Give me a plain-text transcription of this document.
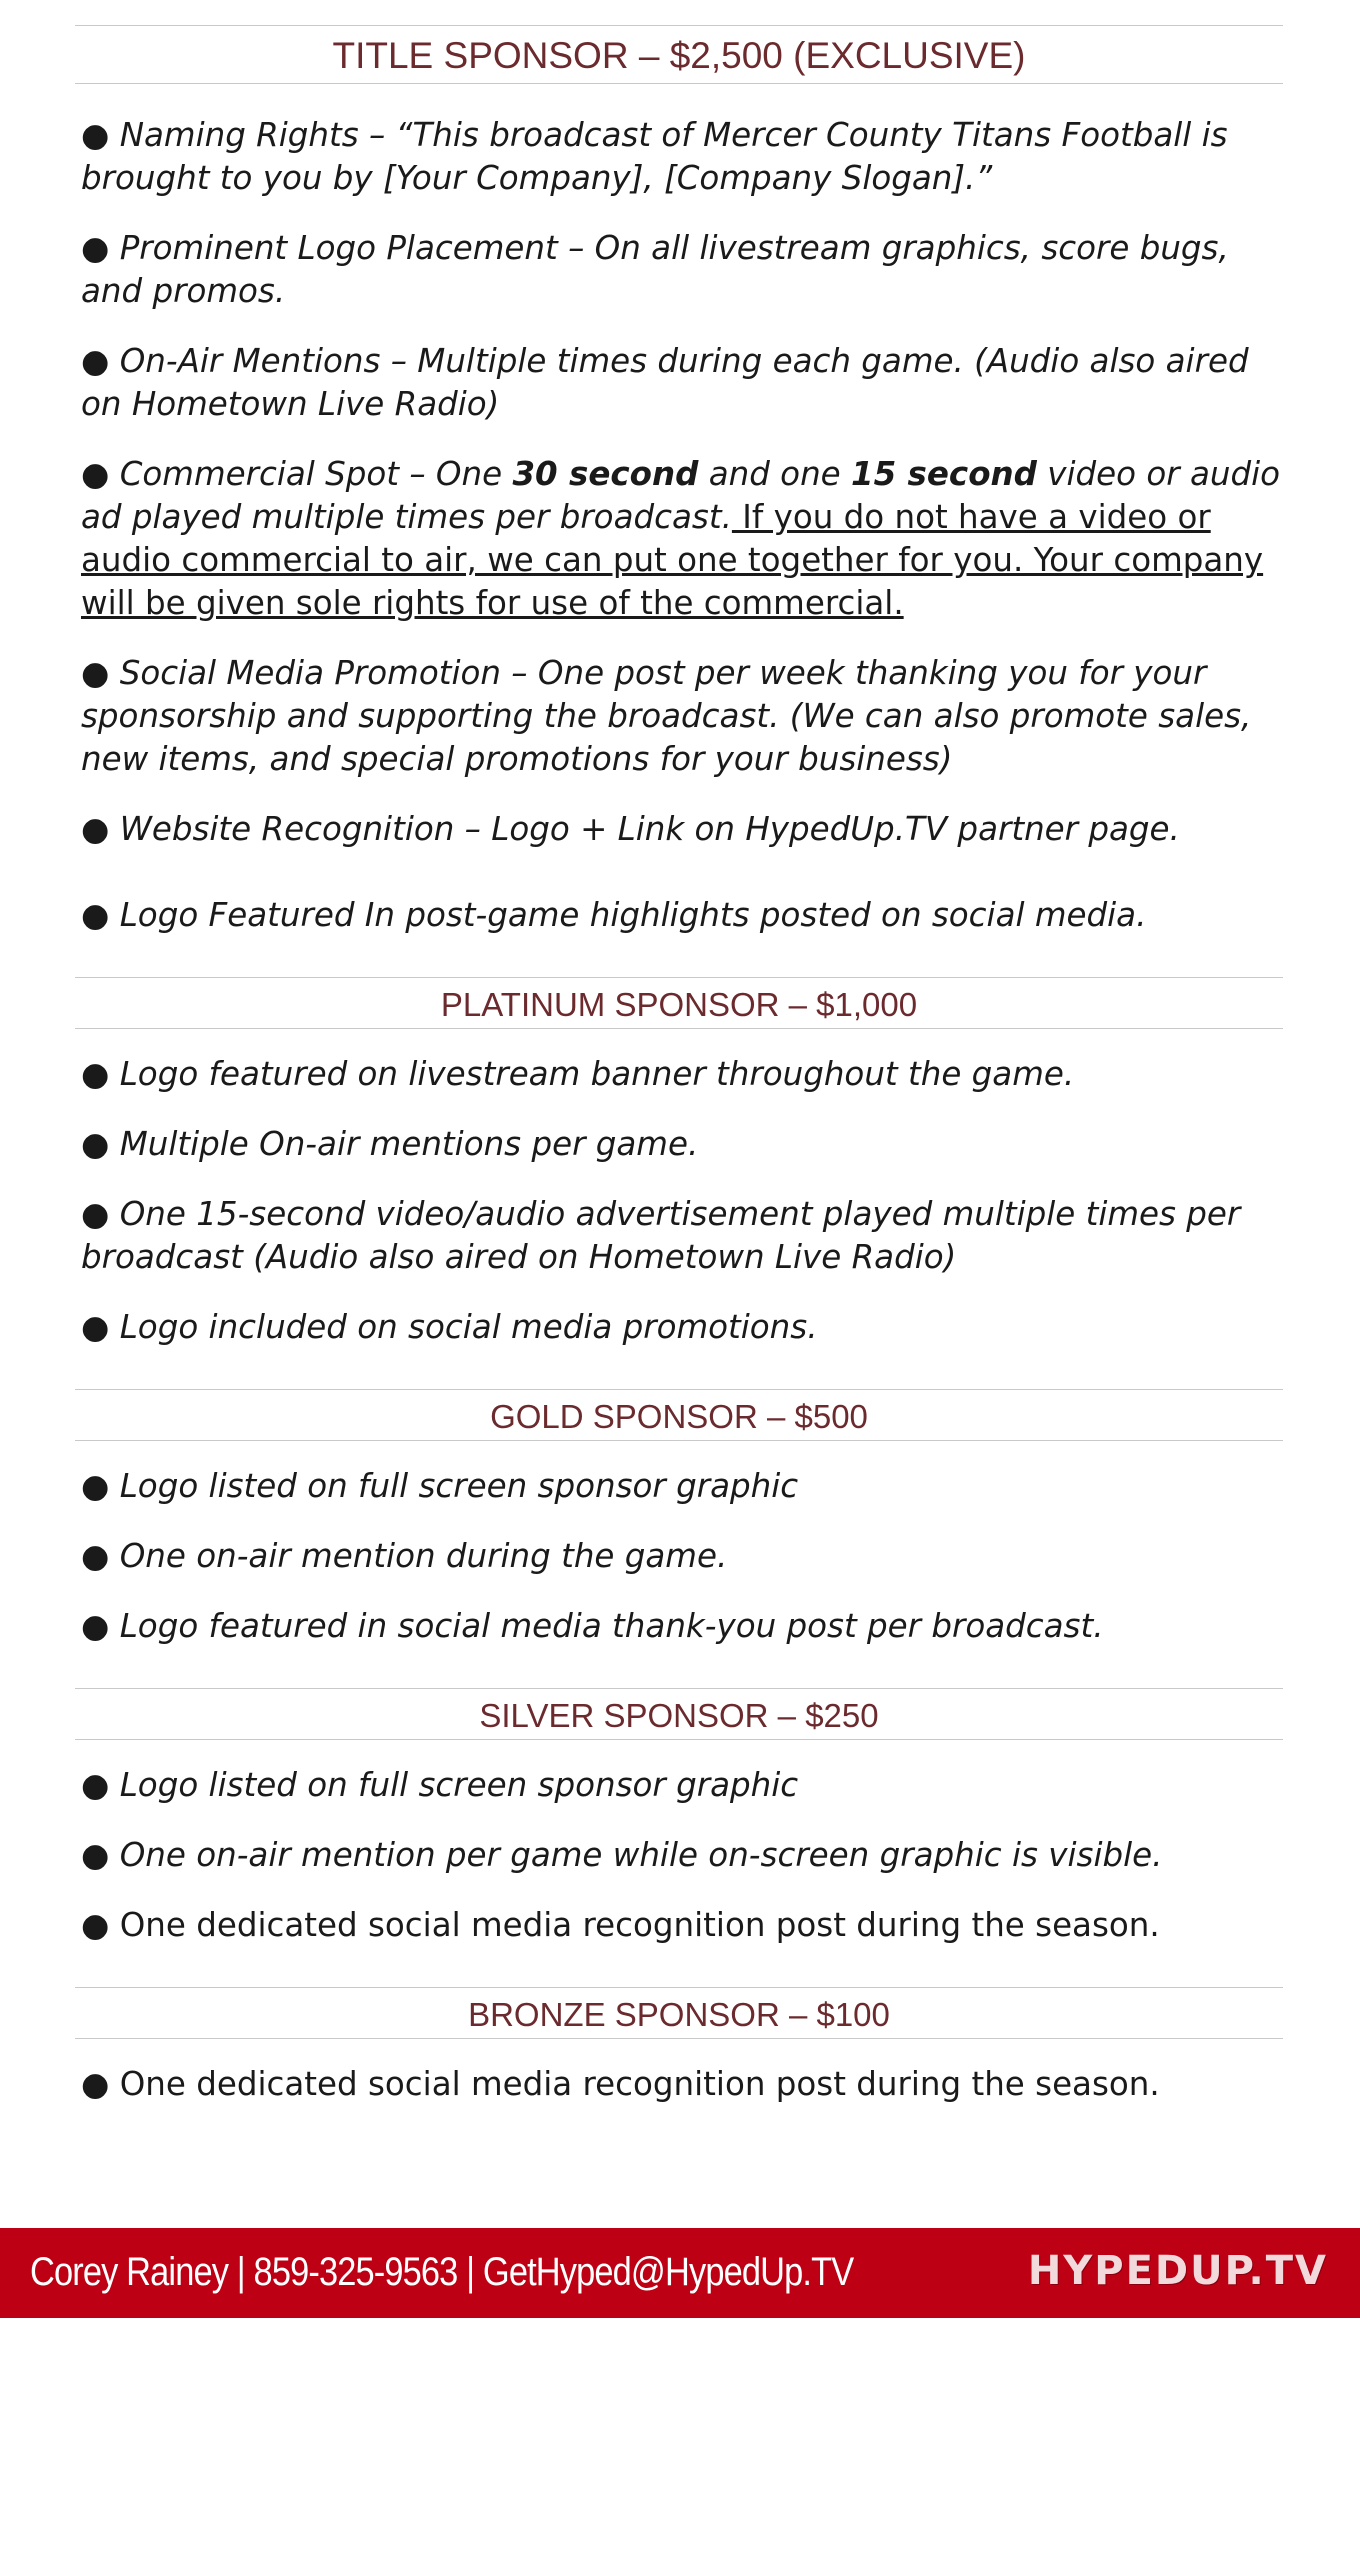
TITLE SPONSOR – $2,500 (EXCLUSIVE)

● Naming Rights – “This broadcast of Mercer County Titans Football is brought to you by [Your Company], [Company Slogan].”

● Prominent Logo Placement – On all livestream graphics, score bugs, and promos.

● On-Air Mentions – Multiple times during each game. (Audio also aired on Hometown Live Radio)

● Commercial Spot – One 30 second and one 15 second video or audio ad played multiple times per broadcast. If you do not have a video or audio commercial to air, we can put one together for you. Your company will be given sole rights for use of the commercial.

● Social Media Promotion – One post per week thanking you for your sponsorship and supporting the broadcast. (We can also promote sales, new items, and special promotions for your business)

● Website Recognition – Logo + Link on HypedUp.TV partner page.

● Logo Featured In post-game highlights posted on social media.

PLATINUM SPONSOR – $1,000

● Logo featured on livestream banner throughout the game.

● Multiple On-air mentions per game.

● One 15-second video/audio advertisement played multiple times per broadcast (Audio also aired on Hometown Live Radio)

● Logo included on social media promotions.

GOLD SPONSOR – $500

● Logo listed on full screen sponsor graphic

● One on-air mention during the game.

● Logo featured in social media thank-you post per broadcast.

SILVER SPONSOR – $250

● Logo listed on full screen sponsor graphic

● One on-air mention per game while on-screen graphic is visible.

● One dedicated social media recognition post during the season.

BRONZE SPONSOR – $100

● One dedicated social media recognition post during the season.

Corey Rainey | 859-325-9563 | GetHyped@HypedUp.TV	HYPEDUP.TV
